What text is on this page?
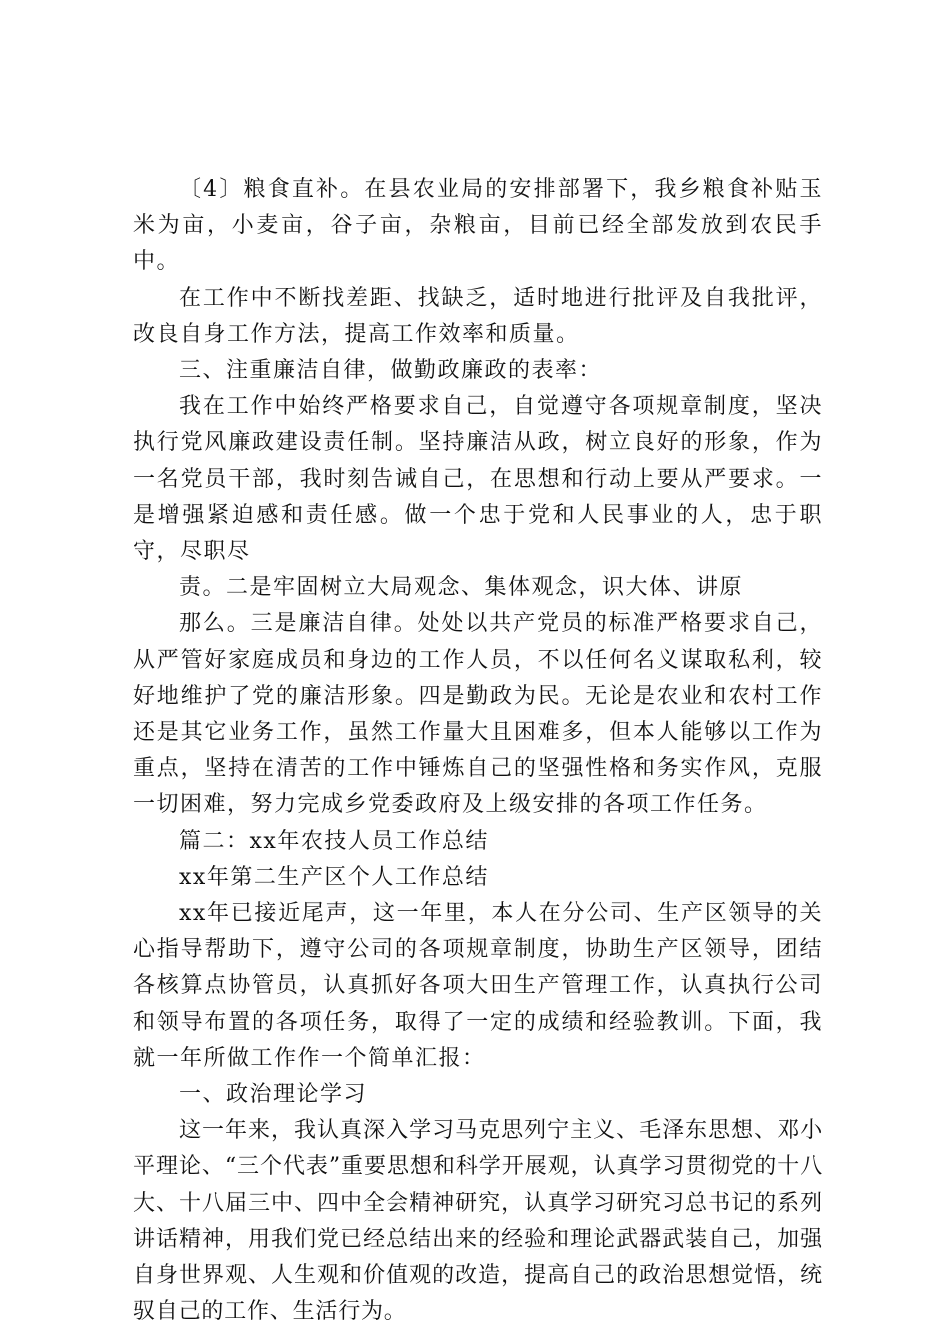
〔4〕粮食直补。在县农业局的安排部署下，我乡粮食补贴玉米为亩，小麦亩，谷子亩，杂粮亩，目前已经全部发放到农民手中。

在工作中不断找差距、找缺乏，适时地进行批评及自我批评，改良自身工作方法，提高工作效率和质量。

三、注重廉洁自律，做勤政廉政的表率：

我在工作中始终严格要求自己，自觉遵守各项规章制度，坚决执行党风廉政建设责任制。坚持廉洁从政，树立良好的形象，作为一名党员干部，我时刻告诫自己，在思想和行动上要从严要求。一是增强紧迫感和责任感。做一个忠于党和人民事业的人，忠于职守，尽职尽

责。二是牢固树立大局观念、集体观念，识大体、讲原

那么。三是廉洁自律。处处以共产党员的标准严格要求自己，从严管好家庭成员和身边的工作人员，不以任何名义谋取私利，较好地维护了党的廉洁形象。四是勤政为民。无论是农业和农村工作还是其它业务工作，虽然工作量大且困难多，但本人能够以工作为重点，坚持在清苦的工作中锤炼自己的坚强性格和务实作风，克服一切困难，努力完成乡党委政府及上级安排的各项工作任务。

篇二：xx年农技人员工作总结

xx年第二生产区个人工作总结

xx年已接近尾声，这一年里，本人在分公司、生产区领导的关心指导帮助下，遵守公司的各项规章制度，协助生产区领导，团结各核算点协管员，认真抓好各项大田生产管理工作，认真执行公司和领导布置的各项任务，取得了一定的成绩和经验教训。下面，我就一年所做工作作一个简单汇报：

一、政治理论学习

这一年来，我认真深入学习马克思列宁主义、毛泽东思想、邓小平理论、“三个代表”重要思想和科学开展观，认真学习贯彻党的十八大、十八届三中、四中全会精神研究，认真学习研究习总书记的系列讲话精神，用我们党已经总结出来的经验和理论武器武装自己，加强自身世界观、人生观和价值观的改造，提高自己的政治思想觉悟，统驭自己的工作、生活行为。
